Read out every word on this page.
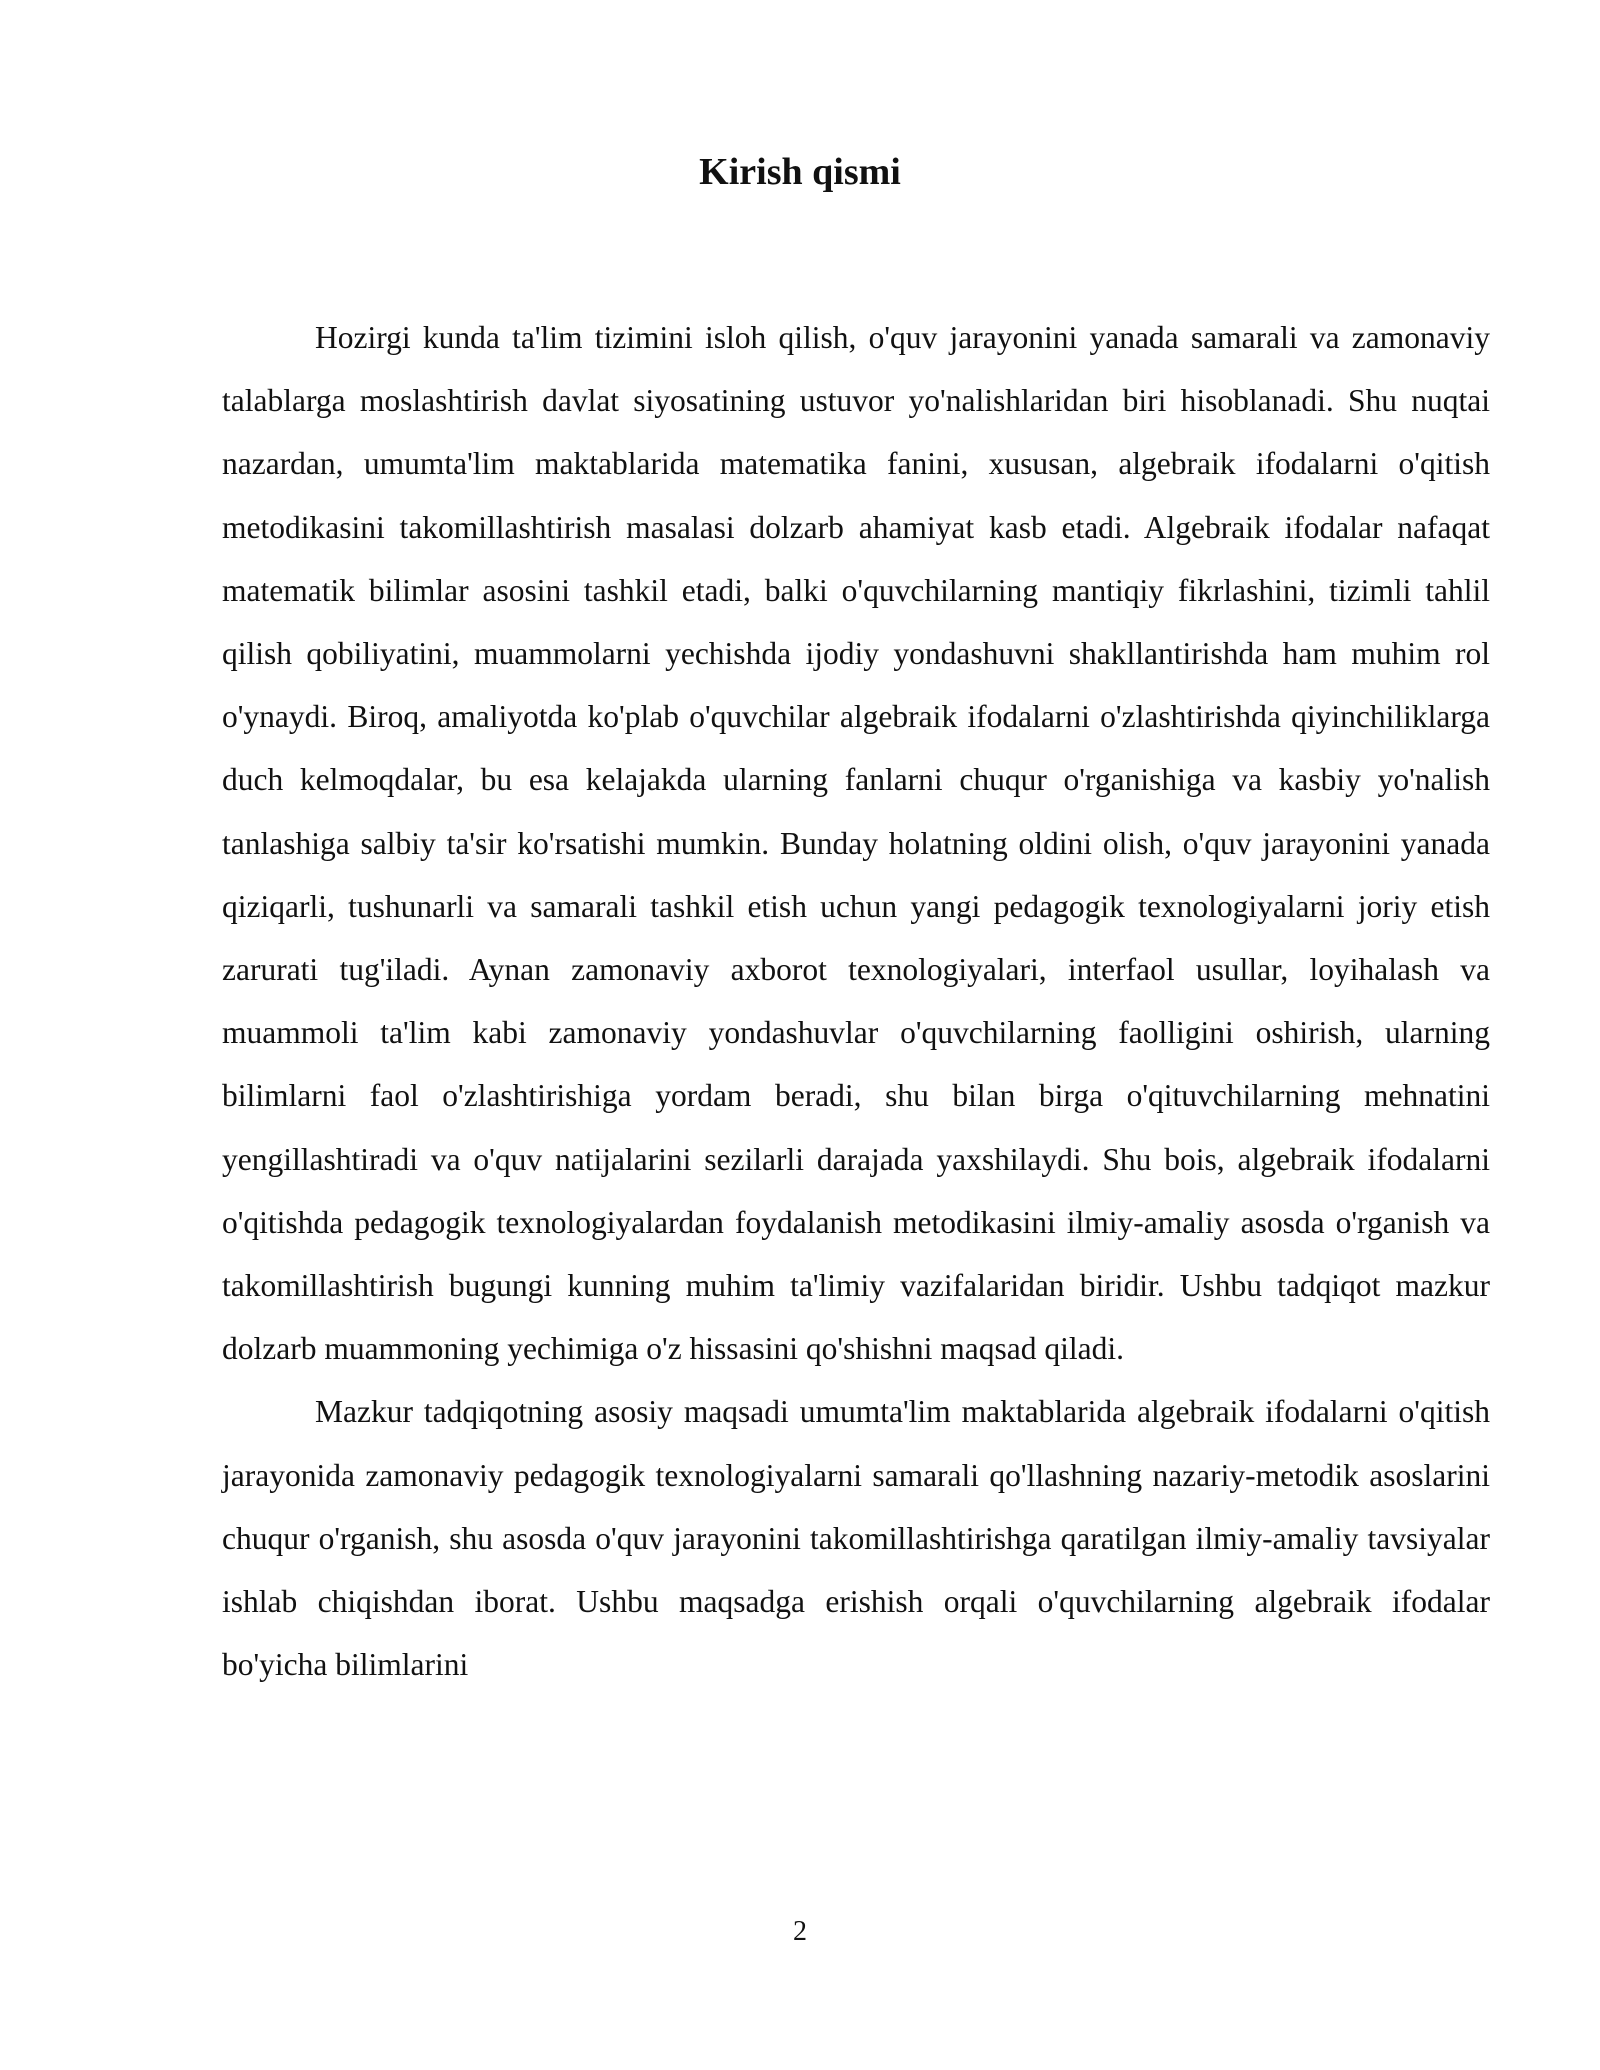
Kirish qismi

Hozirgi kunda ta'lim tizimini isloh qilish, o'quv jarayonini yanada samarali va zamonaviy talablarga moslashtirish davlat siyosatining ustuvor yo'nalishlaridan biri hisoblanadi. Shu nuqtai nazardan, umumta'lim maktablarida matematika fanini, xususan, algebraik ifodalarni o'qitish metodikasini takomillashtirish masalasi dolzarb ahamiyat kasb etadi. Algebraik ifodalar nafaqat matematik bilimlar asosini tashkil etadi, balki o'quvchilarning mantiqiy fikrlashini, tizimli tahlil qilish qobiliyatini, muammolarni yechishda ijodiy yondashuvni shakllantirishda ham muhim rol o'ynaydi. Biroq, amaliyotda ko'plab o'quvchilar algebraik ifodalarni o'zlashtirishda qiyinchiliklarga duch kelmoqdalar, bu esa kelajakda ularning fanlarni chuqur o'rganishiga va kasbiy yo'nalish tanlashiga salbiy ta'sir ko'rsatishi mumkin. Bunday holatning oldini olish, o'quv jarayonini yanada qiziqarli, tushunarli va samarali tashkil etish uchun yangi pedagogik texnologiyalarni joriy etish zarurati tug'iladi. Aynan zamonaviy axborot texnologiyalari, interfaol usullar, loyihalash va muammoli ta'lim kabi zamonaviy yondashuvlar o'quvchilarning faolligini oshirish, ularning bilimlarni faol o'zlashtirishiga yordam beradi, shu bilan birga o'qituvchilarning mehnatini yengillashtiradi va o'quv natijalarini sezilarli darajada yaxshilaydi. Shu bois, algebraik ifodalarni o'qitishda pedagogik texnologiyalardan foydalanish metodikasini ilmiy-amaliy asosda o'rganish va takomillashtirish bugungi kunning muhim ta'limiy vazifalaridan biridir. Ushbu tadqiqot mazkur dolzarb muammoning yechimiga o'z hissasini qo'shishni maqsad qiladi.

Mazkur tadqiqotning asosiy maqsadi umumta'lim maktablarida algebraik ifodalarni o'qitish jarayonida zamonaviy pedagogik texnologiyalarni samarali qo'llashning nazariy-metodik asoslarini chuqur o'rganish, shu asosda o'quv jarayonini takomillashtirishga qaratilgan ilmiy-amaliy tavsiyalar ishlab chiqishdan iborat. Ushbu maqsadga erishish orqali o'quvchilarning algebraik ifodalar bo'yicha bilimlarini

2
